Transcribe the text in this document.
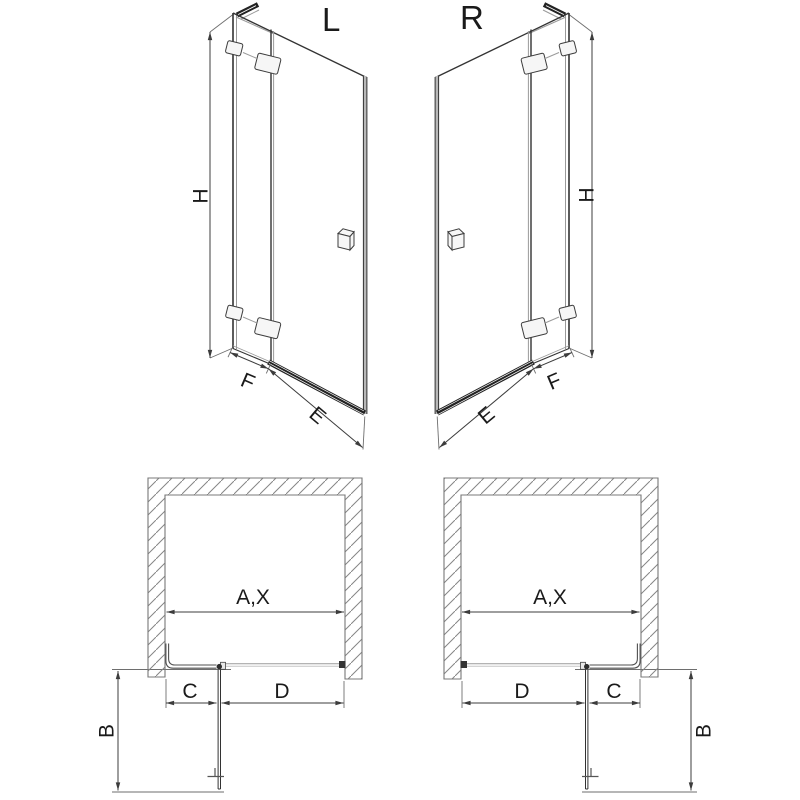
L	R
H	H
F
E
F
E
A,X
C	D
B
A,X
D	C
B
